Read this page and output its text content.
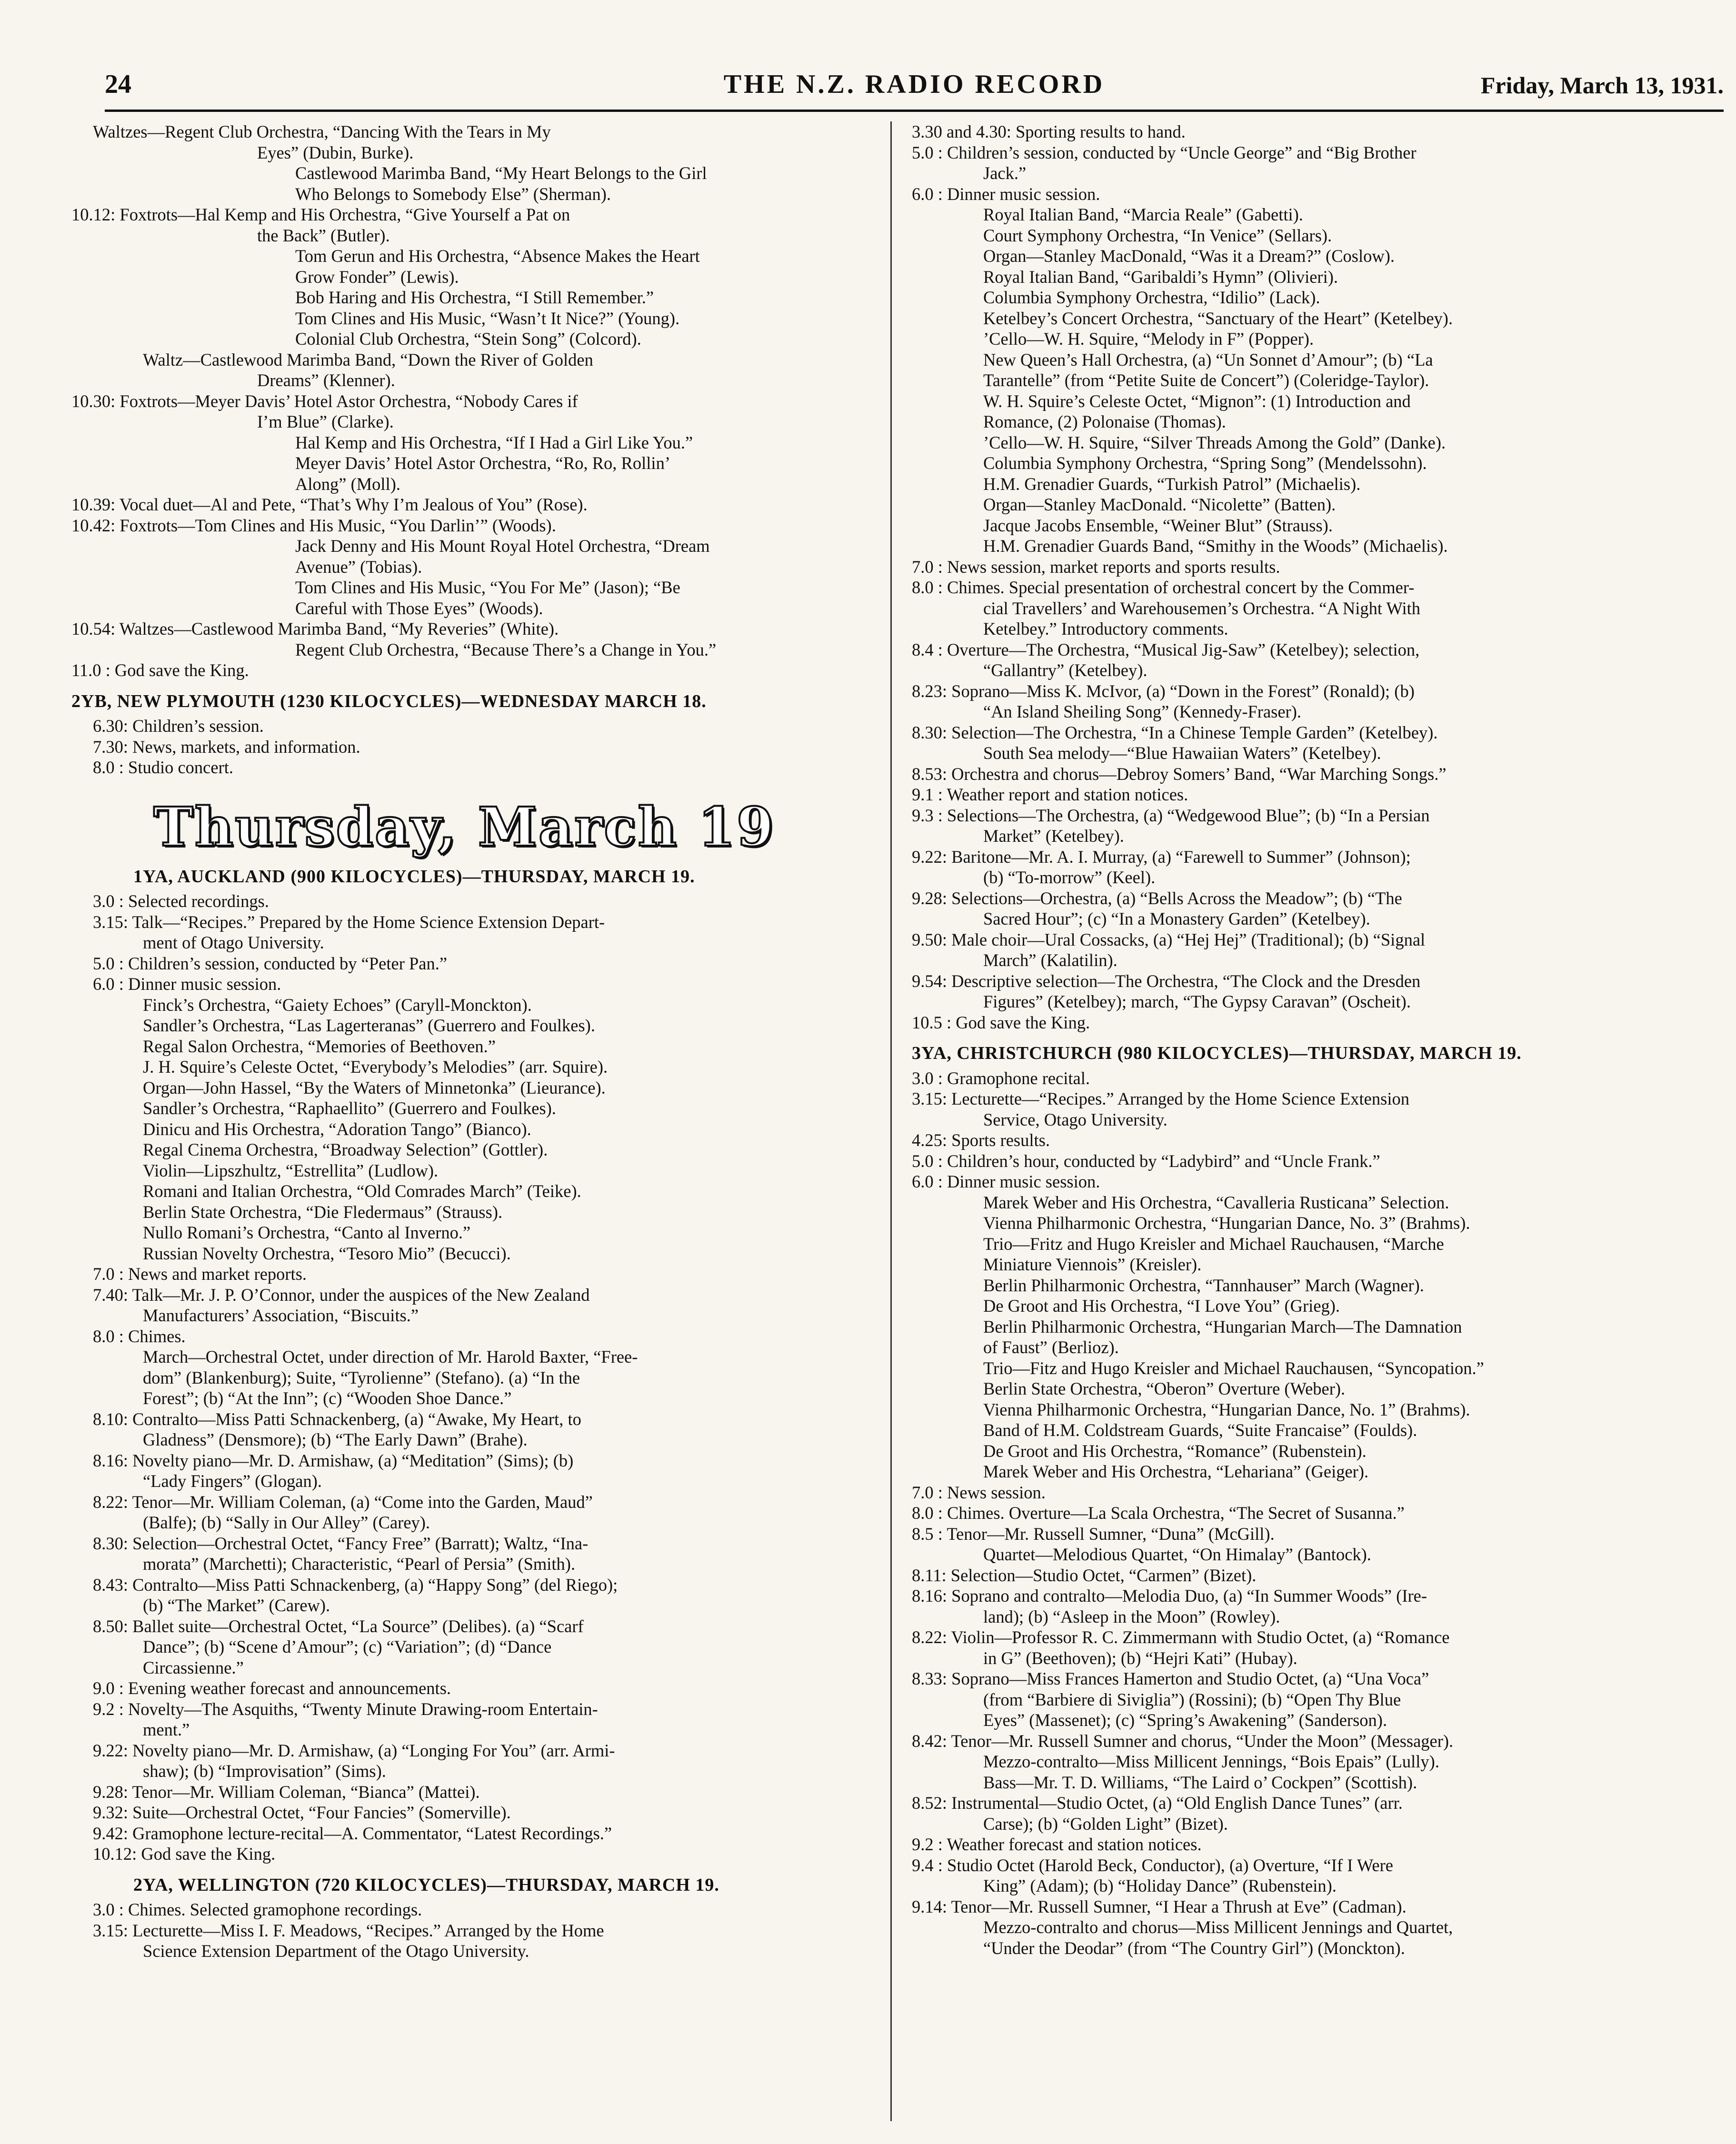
24	THE N.Z. RADIO RECORD	Friday, March 13, 1931.
Waltzes—Regent Club Orchestra, “Dancing With the Tears in My
Eyes” (Dubin, Burke).
Castlewood Marimba Band, “My Heart Belongs to the Girl
Who Belongs to Somebody Else” (Sherman).
10.12: Foxtrots—Hal Kemp and His Orchestra, “Give Yourself a Pat on
the Back” (Butler).
Tom Gerun and His Orchestra, “Absence Makes the Heart
Grow Fonder” (Lewis).
Bob Haring and His Orchestra, “I Still Remember.”
Tom Clines and His Music, “Wasn’t It Nice?” (Young).
Colonial Club Orchestra, “Stein Song” (Colcord).
Waltz—Castlewood Marimba Band, “Down the River of Golden
Dreams” (Klenner).
10.30: Foxtrots—Meyer Davis’ Hotel Astor Orchestra, “Nobody Cares if
I’m Blue” (Clarke).
Hal Kemp and His Orchestra, “If I Had a Girl Like You.”
Meyer Davis’ Hotel Astor Orchestra, “Ro, Ro, Rollin’
Along” (Moll).
10.39: Vocal duet—Al and Pete, “That’s Why I’m Jealous of You” (Rose).
10.42: Foxtrots—Tom Clines and His Music, “You Darlin’” (Woods).
Jack Denny and His Mount Royal Hotel Orchestra, “Dream
Avenue” (Tobias).
Tom Clines and His Music, “You For Me” (Jason); “Be
Careful with Those Eyes” (Woods).
10.54: Waltzes—Castlewood Marimba Band, “My Reveries” (White).
Regent Club Orchestra, “Because There’s a Change in You.”
11.0 : God save the King.
2YB, NEW PLYMOUTH (1230 KILOCYCLES)—WEDNESDAY MARCH 18.
6.30: Children’s session.
7.30: News, markets, and information.
8.0 : Studio concert.
Thursday, March 19
1YA, AUCKLAND (900 KILOCYCLES)—THURSDAY, MARCH 19.
3.0 : Selected recordings.
3.15: Talk—“Recipes.” Prepared by the Home Science Extension Depart-
ment of Otago University.
5.0 : Children’s session, conducted by “Peter Pan.”
6.0 : Dinner music session.
Finck’s Orchestra, “Gaiety Echoes” (Caryll-Monckton).
Sandler’s Orchestra, “Las Lagerteranas” (Guerrero and Foulkes).
Regal Salon Orchestra, “Memories of Beethoven.”
J. H. Squire’s Celeste Octet, “Everybody’s Melodies” (arr. Squire).
Organ—John Hassel, “By the Waters of Minnetonka” (Lieurance).
Sandler’s Orchestra, “Raphaellito” (Guerrero and Foulkes).
Dinicu and His Orchestra, “Adoration Tango” (Bianco).
Regal Cinema Orchestra, “Broadway Selection” (Gottler).
Violin—Lipszhultz, “Estrellita” (Ludlow).
Romani and Italian Orchestra, “Old Comrades March” (Teike).
Berlin State Orchestra, “Die Fledermaus” (Strauss).
Nullo Romani’s Orchestra, “Canto al Inverno.”
Russian Novelty Orchestra, “Tesoro Mio” (Becucci).
7.0 : News and market reports.
7.40: Talk—Mr. J. P. O’Connor, under the auspices of the New Zealand
Manufacturers’ Association, “Biscuits.”
8.0 : Chimes.
March—Orchestral Octet, under direction of Mr. Harold Baxter, “Free-
dom” (Blankenburg); Suite, “Tyrolienne” (Stefano). (a) “In the
Forest”; (b) “At the Inn”; (c) “Wooden Shoe Dance.”
8.10: Contralto—Miss Patti Schnackenberg, (a) “Awake, My Heart, to
Gladness” (Densmore); (b) “The Early Dawn” (Brahe).
8.16: Novelty piano—Mr. D. Armishaw, (a) “Meditation” (Sims); (b)
“Lady Fingers” (Glogan).
8.22: Tenor—Mr. William Coleman, (a) “Come into the Garden, Maud”
(Balfe); (b) “Sally in Our Alley” (Carey).
8.30: Selection—Orchestral Octet, “Fancy Free” (Barratt); Waltz, “Ina-
morata” (Marchetti); Characteristic, “Pearl of Persia” (Smith).
8.43: Contralto—Miss Patti Schnackenberg, (a) “Happy Song” (del Riego);
(b) “The Market” (Carew).
8.50: Ballet suite—Orchestral Octet, “La Source” (Delibes). (a) “Scarf
Dance”; (b) “Scene d’Amour”; (c) “Variation”; (d) “Dance
Circassienne.”
9.0 : Evening weather forecast and announcements.
9.2 : Novelty—The Asquiths, “Twenty Minute Drawing-room Entertain-
ment.”
9.22: Novelty piano—Mr. D. Armishaw, (a) “Longing For You” (arr. Armi-
shaw); (b) “Improvisation” (Sims).
9.28: Tenor—Mr. William Coleman, “Bianca” (Mattei).
9.32: Suite—Orchestral Octet, “Four Fancies” (Somerville).
9.42: Gramophone lecture-recital—A. Commentator, “Latest Recordings.”
10.12: God save the King.
2YA, WELLINGTON (720 KILOCYCLES)—THURSDAY, MARCH 19.
3.0 : Chimes. Selected gramophone recordings.
3.15: Lecturette—Miss I. F. Meadows, “Recipes.” Arranged by the Home
Science Extension Department of the Otago University.
3.30 and 4.30: Sporting results to hand.
5.0 : Children’s session, conducted by “Uncle George” and “Big Brother
Jack.”
6.0 : Dinner music session.
Royal Italian Band, “Marcia Reale” (Gabetti).
Court Symphony Orchestra, “In Venice” (Sellars).
Organ—Stanley MacDonald, “Was it a Dream?” (Coslow).
Royal Italian Band, “Garibaldi’s Hymn” (Olivieri).
Columbia Symphony Orchestra, “Idilio” (Lack).
Ketelbey’s Concert Orchestra, “Sanctuary of the Heart” (Ketelbey).
’Cello—W. H. Squire, “Melody in F” (Popper).
New Queen’s Hall Orchestra, (a) “Un Sonnet d’Amour”; (b) “La
Tarantelle” (from “Petite Suite de Concert”) (Coleridge-Taylor).
W. H. Squire’s Celeste Octet, “Mignon”: (1) Introduction and
Romance, (2) Polonaise (Thomas).
’Cello—W. H. Squire, “Silver Threads Among the Gold” (Danke).
Columbia Symphony Orchestra, “Spring Song” (Mendelssohn).
H.M. Grenadier Guards, “Turkish Patrol” (Michaelis).
Organ—Stanley MacDonald. “Nicolette” (Batten).
Jacque Jacobs Ensemble, “Weiner Blut” (Strauss).
H.M. Grenadier Guards Band, “Smithy in the Woods” (Michaelis).
7.0 : News session, market reports and sports results.
8.0 : Chimes. Special presentation of orchestral concert by the Commer-
cial Travellers’ and Warehousemen’s Orchestra. “A Night With
Ketelbey.” Introductory comments.
8.4 : Overture—The Orchestra, “Musical Jig-Saw” (Ketelbey); selection,
“Gallantry” (Ketelbey).
8.23: Soprano—Miss K. McIvor, (a) “Down in the Forest” (Ronald); (b)
“An Island Sheiling Song” (Kennedy-Fraser).
8.30: Selection—The Orchestra, “In a Chinese Temple Garden” (Ketelbey).
South Sea melody—“Blue Hawaiian Waters” (Ketelbey).
8.53: Orchestra and chorus—Debroy Somers’ Band, “War Marching Songs.”
9.1 : Weather report and station notices.
9.3 : Selections—The Orchestra, (a) “Wedgewood Blue”; (b) “In a Persian
Market” (Ketelbey).
9.22: Baritone—Mr. A. I. Murray, (a) “Farewell to Summer” (Johnson);
(b) “To-morrow” (Keel).
9.28: Selections—Orchestra, (a) “Bells Across the Meadow”; (b) “The
Sacred Hour”; (c) “In a Monastery Garden” (Ketelbey).
9.50: Male choir—Ural Cossacks, (a) “Hej Hej” (Traditional); (b) “Signal
March” (Kalatilin).
9.54: Descriptive selection—The Orchestra, “The Clock and the Dresden
Figures” (Ketelbey); march, “The Gypsy Caravan” (Oscheit).
10.5 : God save the King.
3YA, CHRISTCHURCH (980 KILOCYCLES)—THURSDAY, MARCH 19.
3.0 : Gramophone recital.
3.15: Lecturette—“Recipes.” Arranged by the Home Science Extension
Service, Otago University.
4.25: Sports results.
5.0 : Children’s hour, conducted by “Ladybird” and “Uncle Frank.”
6.0 : Dinner music session.
Marek Weber and His Orchestra, “Cavalleria Rusticana” Selection.
Vienna Philharmonic Orchestra, “Hungarian Dance, No. 3” (Brahms).
Trio—Fritz and Hugo Kreisler and Michael Rauchausen, “Marche
Miniature Viennois” (Kreisler).
Berlin Philharmonic Orchestra, “Tannhauser” March (Wagner).
De Groot and His Orchestra, “I Love You” (Grieg).
Berlin Philharmonic Orchestra, “Hungarian March—The Damnation
of Faust” (Berlioz).
Trio—Fitz and Hugo Kreisler and Michael Rauchausen, “Syncopation.”
Berlin State Orchestra, “Oberon” Overture (Weber).
Vienna Philharmonic Orchestra, “Hungarian Dance, No. 1” (Brahms).
Band of H.M. Coldstream Guards, “Suite Francaise” (Foulds).
De Groot and His Orchestra, “Romance” (Rubenstein).
Marek Weber and His Orchestra, “Lehariana” (Geiger).
7.0 : News session.
8.0 : Chimes. Overture—La Scala Orchestra, “The Secret of Susanna.”
8.5 : Tenor—Mr. Russell Sumner, “Duna” (McGill).
Quartet—Melodious Quartet, “On Himalay” (Bantock).
8.11: Selection—Studio Octet, “Carmen” (Bizet).
8.16: Soprano and contralto—Melodia Duo, (a) “In Summer Woods” (Ire-
land); (b) “Asleep in the Moon” (Rowley).
8.22: Violin—Professor R. C. Zimmermann with Studio Octet, (a) “Romance
in G” (Beethoven); (b) “Hejri Kati” (Hubay).
8.33: Soprano—Miss Frances Hamerton and Studio Octet, (a) “Una Voca”
(from “Barbiere di Siviglia”) (Rossini); (b) “Open Thy Blue
Eyes” (Massenet); (c) “Spring’s Awakening” (Sanderson).
8.42: Tenor—Mr. Russell Sumner and chorus, “Under the Moon” (Messager).
Mezzo-contralto—Miss Millicent Jennings, “Bois Epais” (Lully).
Bass—Mr. T. D. Williams, “The Laird o’ Cockpen” (Scottish).
8.52: Instrumental—Studio Octet, (a) “Old English Dance Tunes” (arr.
Carse); (b) “Golden Light” (Bizet).
9.2 : Weather forecast and station notices.
9.4 : Studio Octet (Harold Beck, Conductor), (a) Overture, “If I Were
King” (Adam); (b) “Holiday Dance” (Rubenstein).
9.14: Tenor—Mr. Russell Sumner, “I Hear a Thrush at Eve” (Cadman).
Mezzo-contralto and chorus—Miss Millicent Jennings and Quartet,
“Under the Deodar” (from “The Country Girl”) (Monckton).
